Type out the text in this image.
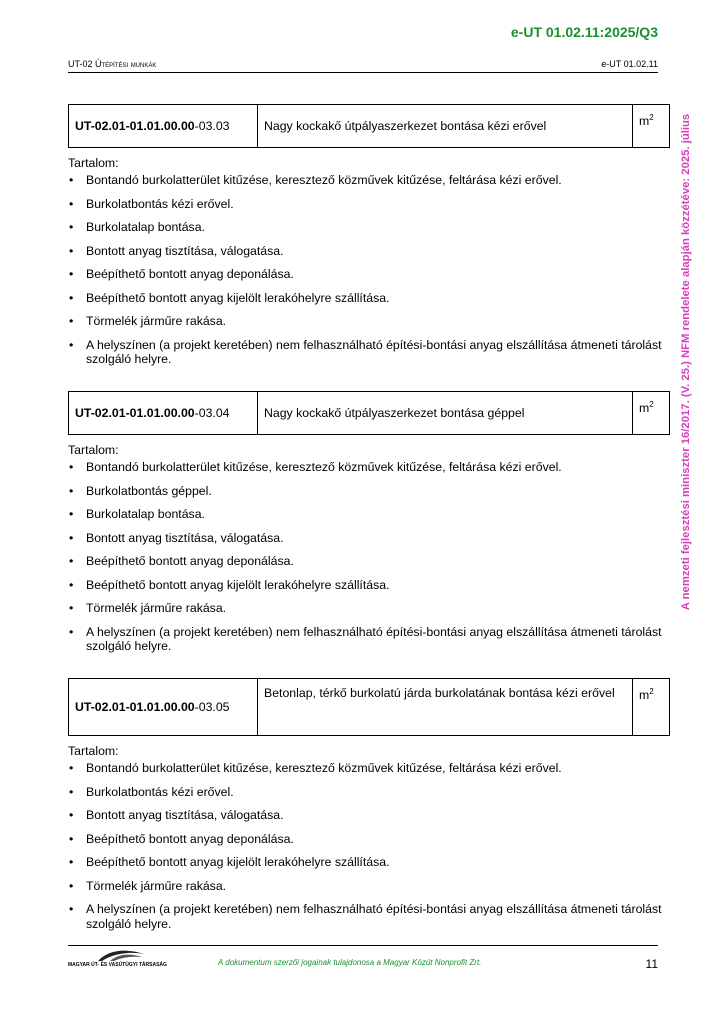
e-UT 01.02.11:2025/Q3
UT-02 Útépítési munkák	e-UT 01.02.11
A nemzeti fejlesztési miniszter 16/2017. (V. 25.) NFM rendelete alapján közzétéve: 2025. július
UT-02.01-01.01.00.00-03.03	Nagy kockakő útpályaszerkezet bontása kézi erővel	$m^2$
Tartalom:
• Bontandó burkolatterület kitűzése, keresztező közművek kitűzése, feltárása kézi erővel.
• Burkolatbontás kézi erővel.
• Burkolatalap bontása.
• Bontott anyag tisztítása, válogatása.
• Beépíthető bontott anyag deponálása.
• Beépíthető bontott anyag kijelölt lerakóhelyre szállítása.
• Törmelék járműre rakása.
• A helyszínen (a projekt keretében) nem felhasználható építési-bontási anyag elszállítása átmeneti tárolást szolgáló helyre.
UT-02.01-01.01.00.00-03.04	Nagy kockakő útpályaszerkezet bontása géppel	$m^2$
Tartalom:
• Bontandó burkolatterület kitűzése, keresztező közművek kitűzése, feltárása kézi erővel.
• Burkolatbontás géppel.
• Burkolatalap bontása.
• Bontott anyag tisztítása, válogatása.
• Beépíthető bontott anyag deponálása.
• Beépíthető bontott anyag kijelölt lerakóhelyre szállítása.
• Törmelék járműre rakása.
• A helyszínen (a projekt keretében) nem felhasználható építési-bontási anyag elszállítása átmeneti tárolást szolgáló helyre.
UT-02.01-01.01.00.00-03.05	Betonlap, térkő burkolatú járda burkolatának bontása kézi erővel	$m^2$
Tartalom:
• Bontandó burkolatterület kitűzése, keresztező közművek kitűzése, feltárása kézi erővel.
• Burkolatbontás kézi erővel.
• Bontott anyag tisztítása, válogatása.
• Beépíthető bontott anyag deponálása.
• Beépíthető bontott anyag kijelölt lerakóhelyre szállítása.
• Törmelék járműre rakása.
• A helyszínen (a projekt keretében) nem felhasználható építési-bontási anyag elszállítása átmeneti tárolást szolgáló helyre.
MAGYAR ÚT- ÉS VASÚTÜGYI TÁRSASÁG	A dokumentum szerzői jogainak tulajdonosa a Magyar Közút Nonprofit Zrt.	11
